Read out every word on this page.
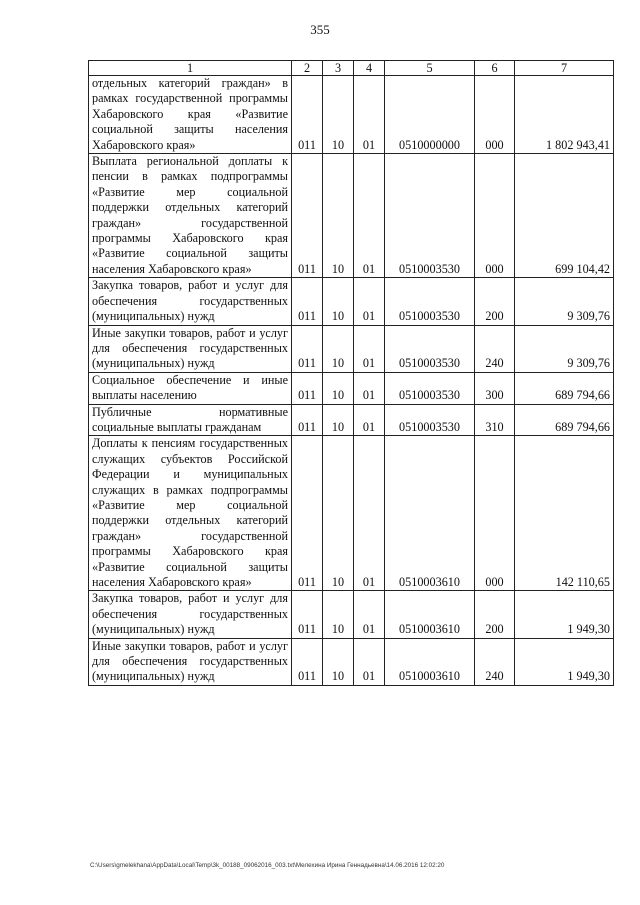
355
1	2	3	4	5	6	7
отдельных категорий граждан» в рамках государственной программы Хабаровского края «Развитие социальной защиты населения Хабаровского края»	011	10	01	0510000000	000	1 802 943,41
Выплата региональной доплаты к пенсии в рамках подпрограммы «Развитие мер социальной поддержки отдельных категорий граждан» государственной программы Хабаровского края «Развитие социальной защиты населения Хабаровского края»	011	10	01	0510003530	000	699 104,42
Закупка товаров, работ и услуг для обеспечения государственных (муниципальных) нужд	011	10	01	0510003530	200	9 309,76
Иные закупки товаров, работ и услуг для обеспечения государственных (муниципальных) нужд	011	10	01	0510003530	240	9 309,76
Социальное обеспечение и иные выплаты населению	011	10	01	0510003530	300	689 794,66
Публичные нормативные социальные выплаты гражданам	011	10	01	0510003530	310	689 794,66
Доплаты к пенсиям государственных служащих субъектов Российской Федерации и муниципальных служащих в рамках подпрограммы «Развитие мер социальной поддержки отдельных категорий граждан» государственной программы Хабаровского края «Развитие социальной защиты населения Хабаровского края»	011	10	01	0510003610	000	142 110,65
Закупка товаров, работ и услуг для обеспечения государственных (муниципальных) нужд	011	10	01	0510003610	200	1 949,30
Иные закупки товаров, работ и услуг для обеспечения государственных (муниципальных) нужд	011	10	01	0510003610	240	1 949,30
C:\Users\gmelekhana\AppData\Local\Temp\3k_00188_09062016_003.txt\Мелехина Ирина Геннадьевна\14.06.2016 12:02:20
